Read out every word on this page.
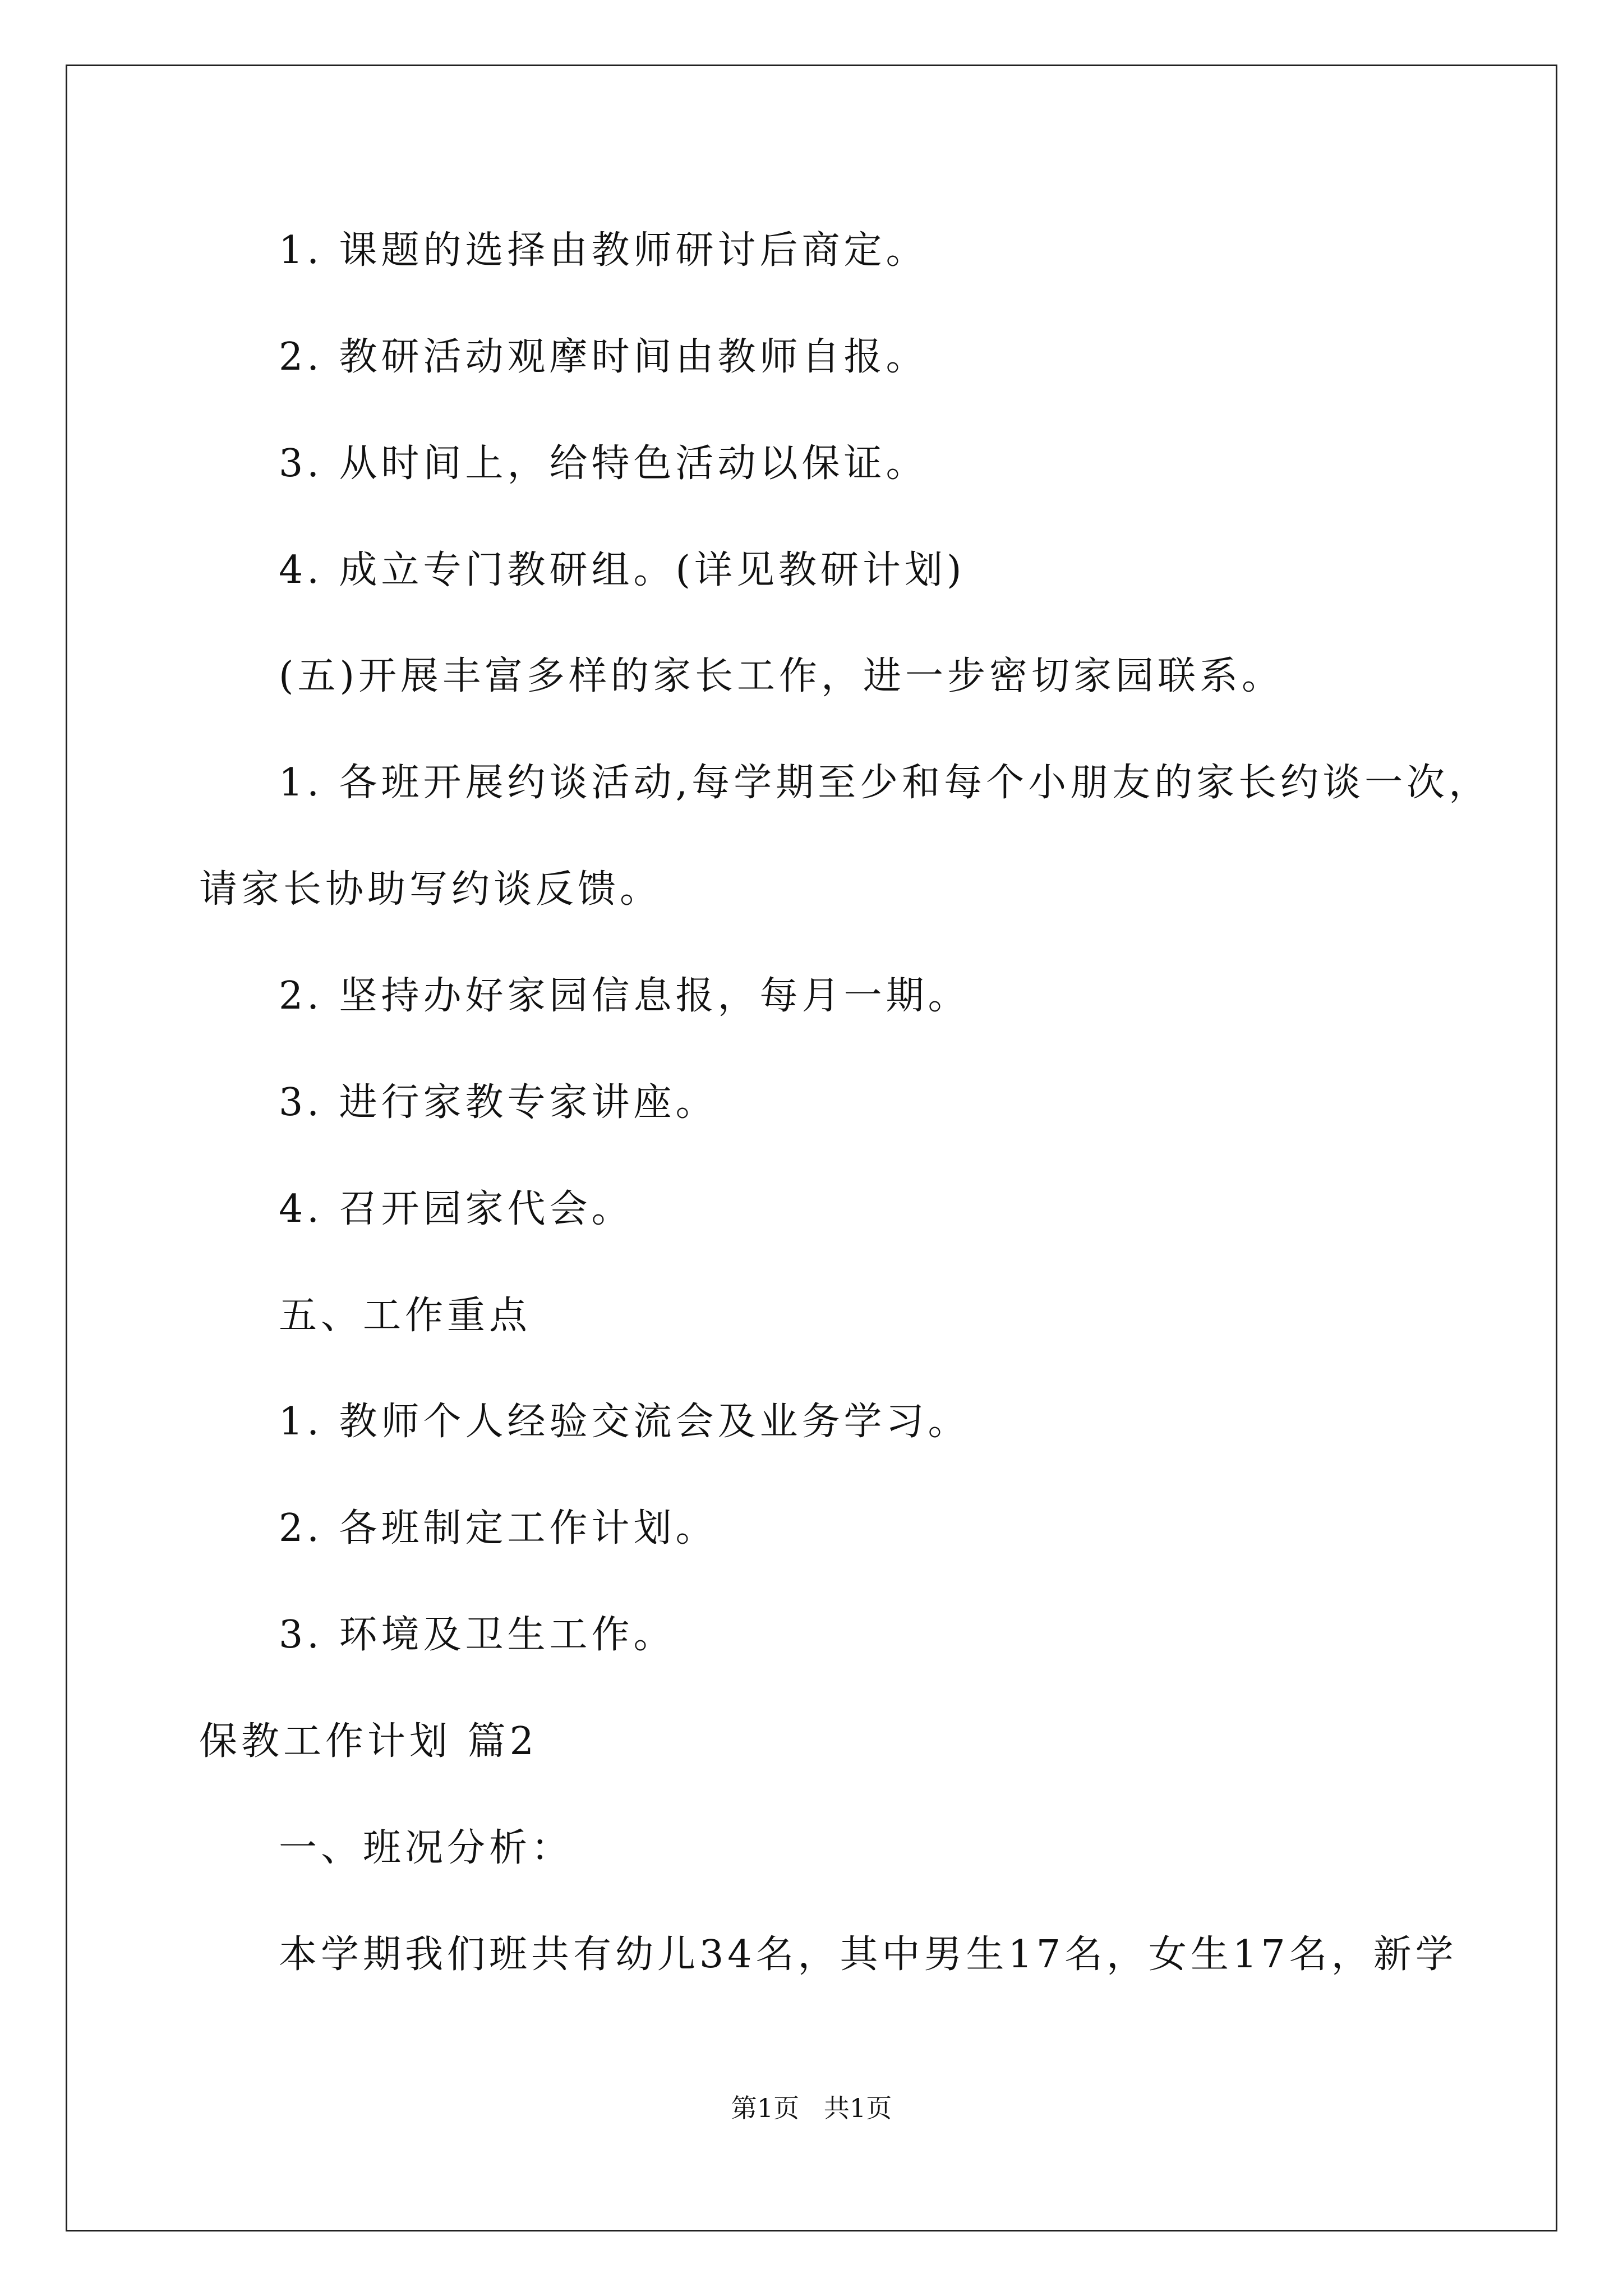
1. 课题的选择由教师研讨后商定。
2. 教研活动观摩时间由教师自报。
3. 从时间上，给特色活动以保证。
4. 成立专门教研组。(详见教研计划)
(五)开展丰富多样的家长工作，进一步密切家园联系。
1. 各班开展约谈活动,每学期至少和每个小朋友的家长约谈一次，
请家长协助写约谈反馈。
2. 坚持办好家园信息报，每月一期。
3. 进行家教专家讲座。
4. 召开园家代会。
五、工作重点
1. 教师个人经验交流会及业务学习。
2. 各班制定工作计划。
3. 环境及卫生工作。
保教工作计划 篇2
一、班况分析：
本学期我们班共有幼儿34名，其中男生17名，女生17名，新学
第1页   共1页
